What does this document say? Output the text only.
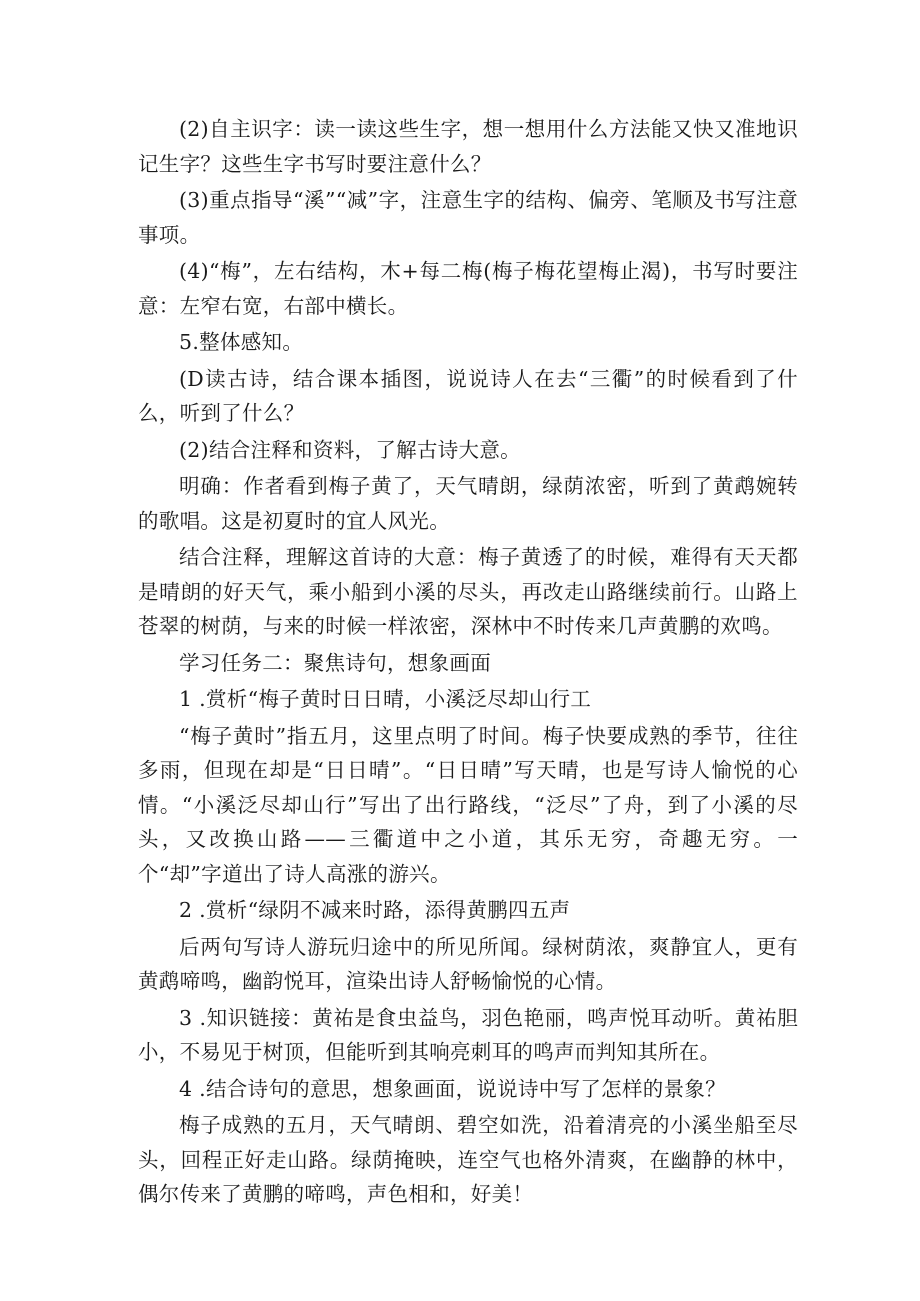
(2)自主识字：读一读这些生字，想一想用什么方法能又快又准地识记生字？这些生字书写时要注意什么？

(3)重点指导“溪”“减”字，注意生字的结构、偏旁、笔顺及书写注意事项。

(4)“梅”，左右结构，木+每二梅(梅子梅花望梅止渴)，书写时要注意：左窄右宽，右部中横长。

5.整体感知。

(D读古诗，结合课本插图，说说诗人在去“三衢”的时候看到了什么，听到了什么？

(2)结合注释和资料，了解古诗大意。

明确：作者看到梅子黄了，天气晴朗，绿荫浓密，听到了黄鹉婉转的歌唱。这是初夏时的宜人风光。

结合注释，理解这首诗的大意：梅子黄透了的时候，难得有天天都是晴朗的好天气，乘小船到小溪的尽头，再改走山路继续前行。山路上苍翠的树荫，与来的时候一样浓密，深林中不时传来几声黄鹏的欢鸣。

学习任务二：聚焦诗句，想象画面

1 .赏析“梅子黄时日日晴，小溪泛尽却山行工

“梅子黄时”指五月，这里点明了时间。梅子快要成熟的季节，往往多雨，但现在却是“日日晴”。“日日晴”写天晴，也是写诗人愉悦的心情。“小溪泛尽却山行”写出了出行路线，“泛尽”了舟，到了小溪的尽头，又改换山路——三衢道中之小道，其乐无穷，奇趣无穷。一个“却”字道出了诗人高涨的游兴。

2 .赏析“绿阴不减来时路，添得黄鹏四五声

后两句写诗人游玩归途中的所见所闻。绿树荫浓，爽静宜人，更有黄鹉啼鸣，幽韵悦耳，渲染出诗人舒畅愉悦的心情。

3 .知识链接：黄祐是食虫益鸟，羽色艳丽，鸣声悦耳动听。黄祐胆小，不易见于树顶，但能听到其响亮刺耳的鸣声而判知其所在。

4 .结合诗句的意思，想象画面，说说诗中写了怎样的景象？

梅子成熟的五月，天气晴朗、碧空如洗，沿着清亮的小溪坐船至尽头，回程正好走山路。绿荫掩映，连空气也格外清爽，在幽静的林中，偶尔传来了黄鹏的啼鸣，声色相和，好美！
